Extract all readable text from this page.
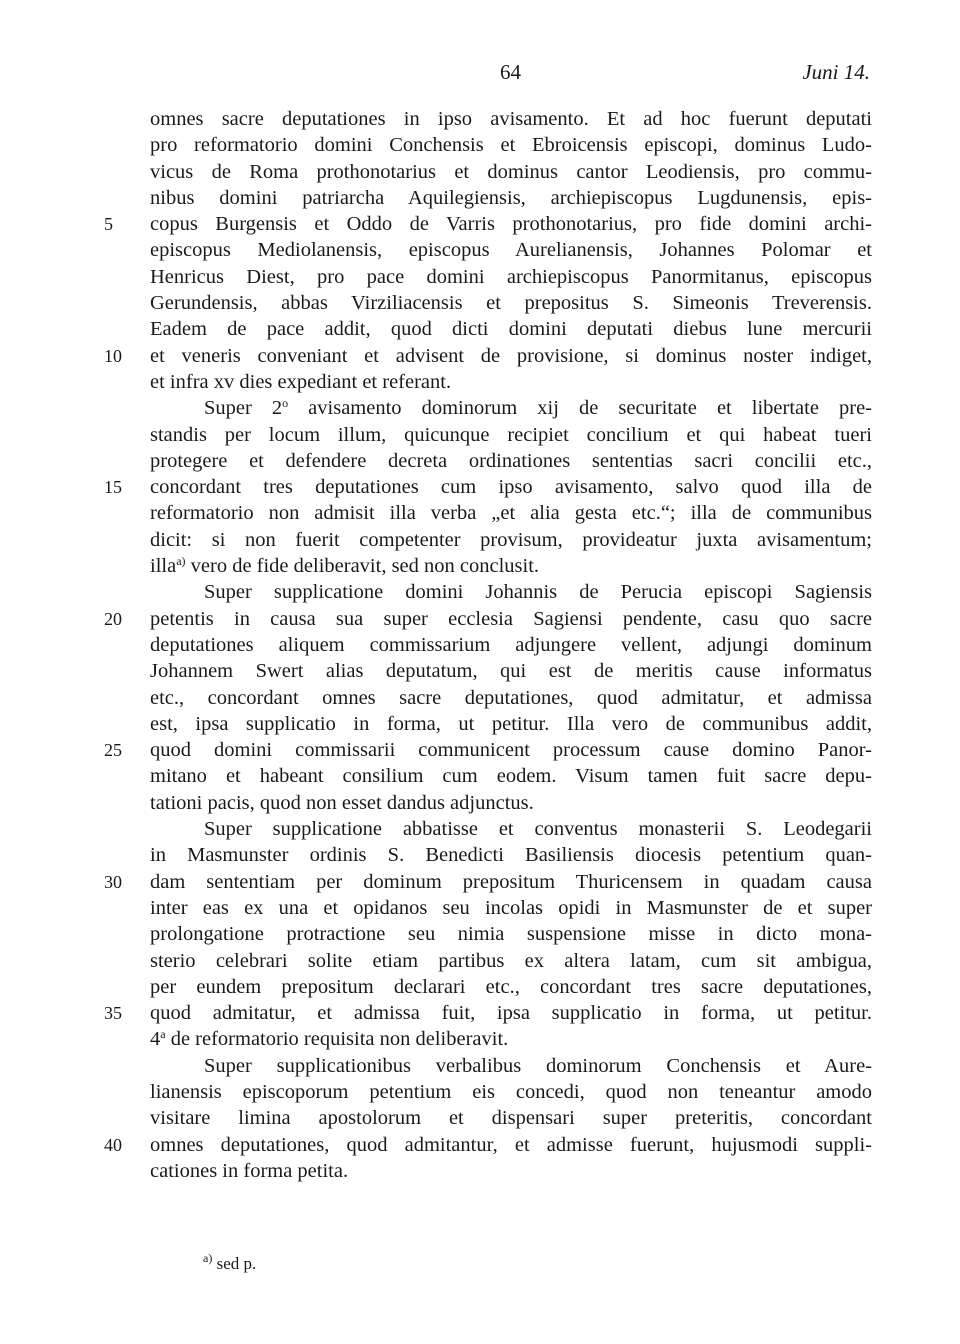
64	Juni 14.
omnes sacre deputationes in ipso avisamento. Et ad hoc fuerunt deputati
pro reformatorio domini Conchensis et Ebroicensis episcopi, dominus Ludo-
vicus de Roma prothonotarius et dominus cantor Leodiensis, pro commu-
nibus domini patriarcha Aquilegiensis, archiepiscopus Lugdunensis, epis-
5	copus Burgensis et Oddo de Varris prothonotarius, pro fide domini archi-
episcopus Mediolanensis, episcopus Aurelianensis, Johannes Polomar et
Henricus Diest, pro pace domini archiepiscopus Panormitanus, episcopus
Gerundensis, abbas Virziliacensis et prepositus S. Simeonis Treverensis.
Eadem de pace addit, quod dicti domini deputati diebus lune mercurii
10	et veneris conveniant et advisent de provisione, si dominus noster indiget,
et infra xv dies expediant et referant.
Super 2$^o$ avisamento dominorum xij de securitate et libertate pre-
standis per locum illum, quicunque recipiet concilium et qui habeat tueri
protegere et defendere decreta ordinationes sententias sacri concilii etc.,
15	concordant tres deputationes cum ipso avisamento, salvo quod illa de
reformatorio non admisit illa verba „et alia gesta etc.“; illa de communibus
dicit: si non fuerit competenter provisum, provideatur juxta avisamentum;
illa$^{a)}$ vero de fide deliberavit, sed non conclusit.
Super supplicatione domini Johannis de Perucia episcopi Sagiensis
20	petentis in causa sua super ecclesia Sagiensi pendente, casu quo sacre
deputationes aliquem commissarium adjungere vellent, adjungi dominum
Johannem Swert alias deputatum, qui est de meritis cause informatus
etc., concordant omnes sacre deputationes, quod admitatur, et admissa
est, ipsa supplicatio in forma, ut petitur. Illa vero de communibus addit,
25	quod domini commissarii communicent processum cause domino Panor-
mitano et habeant consilium cum eodem. Visum tamen fuit sacre depu-
tationi pacis, quod non esset dandus adjunctus.
Super supplicatione abbatisse et conventus monasterii S. Leodegarii
in Masmunster ordinis S. Benedicti Basiliensis diocesis petentium quan-
30	dam sententiam per dominum prepositum Thuricensem in quadam causa
inter eas ex una et opidanos seu incolas opidi in Masmunster de et super
prolongatione protractione seu nimia suspensione misse in dicto mona-
sterio celebrari solite etiam partibus ex altera latam, cum sit ambigua,
per eundem prepositum declarari etc., concordant tres sacre deputationes,
35	quod admitatur, et admissa fuit, ipsa supplicatio in forma, ut petitur.
4$^a$ de reformatorio requisita non deliberavit.
Super supplicationibus verbalibus dominorum Conchensis et Aure-
lianensis episcoporum petentium eis concedi, quod non teneantur amodo
visitare limina apostolorum et dispensari super preteritis, concordant
40	omnes deputationes, quod admitantur, et admisse fuerunt, hujusmodi suppli-
cationes in forma petita.
$^{a)}$ sed p.
